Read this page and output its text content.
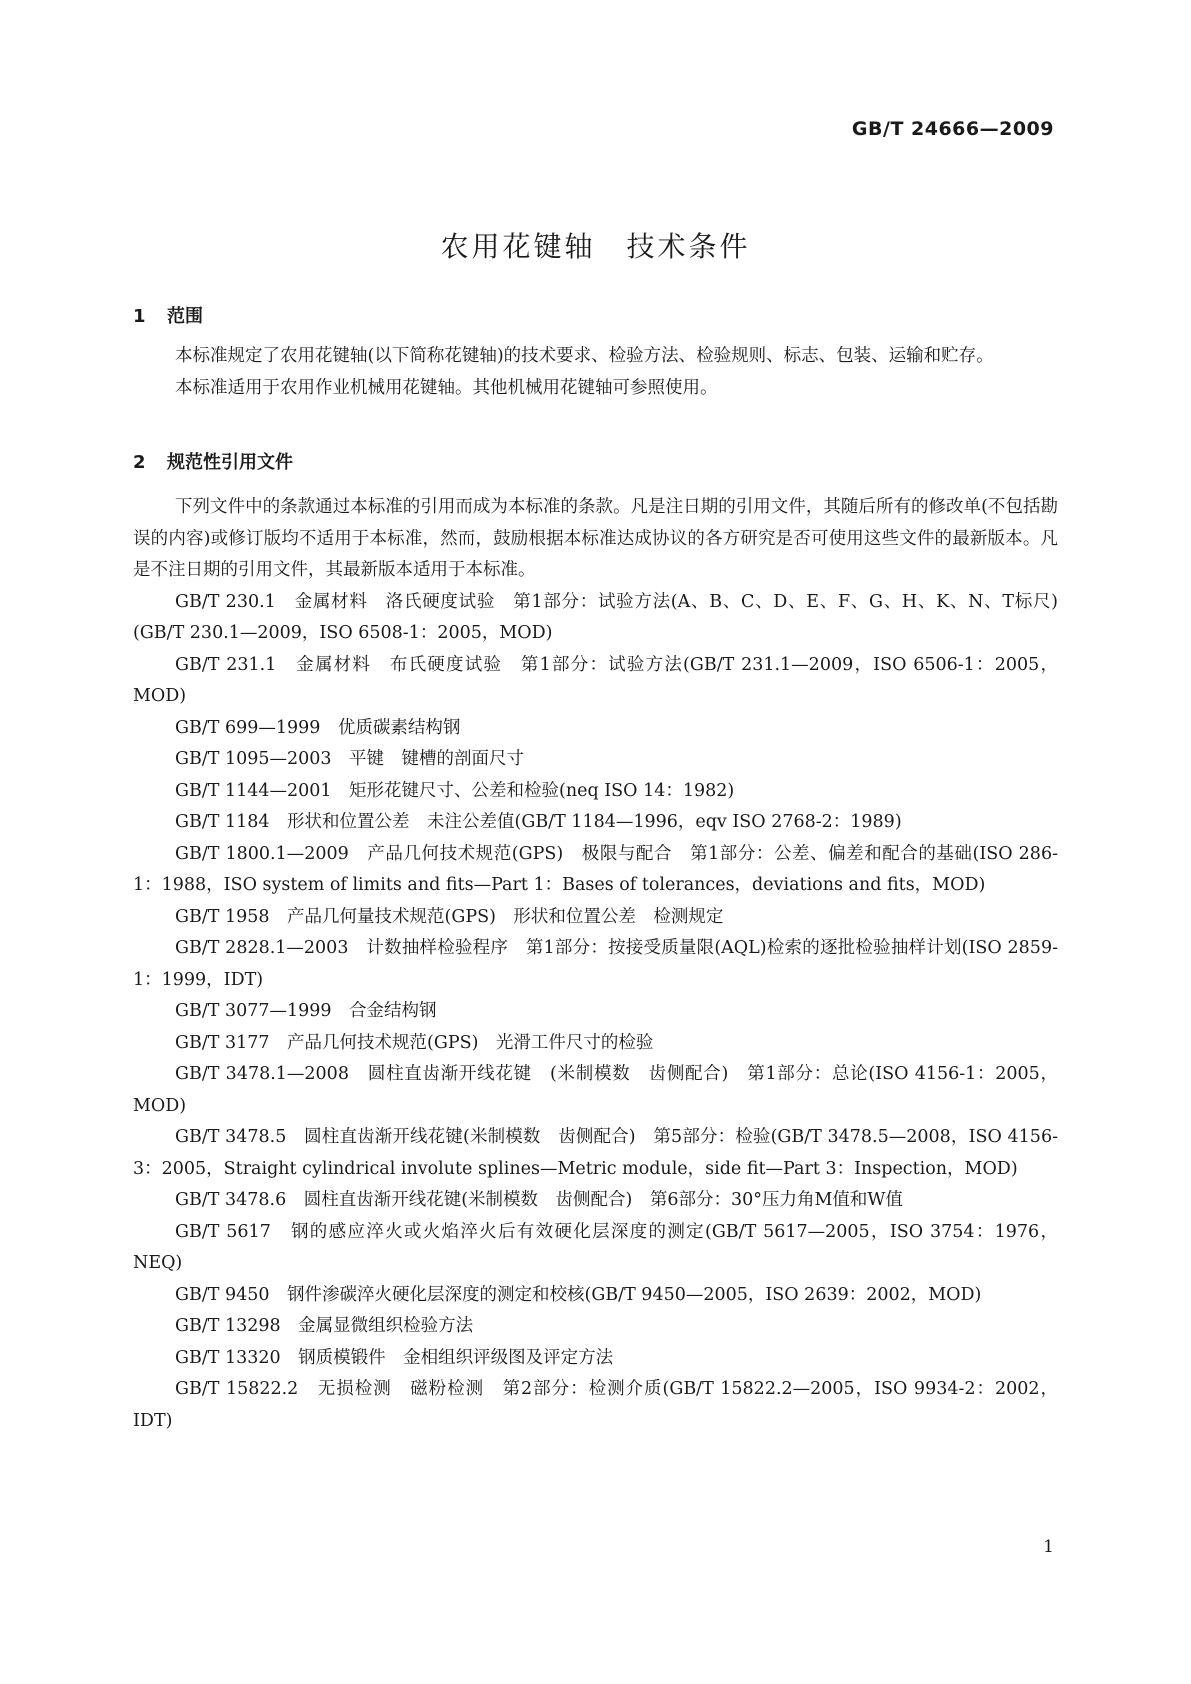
GB/T 24666—2009
农用花键轴　技术条件
1 范围

本标准规定了农用花键轴(以下简称花键轴)的技术要求、检验方法、检验规则、标志、包装、运输和贮存。

本标准适用于农用作业机械用花键轴。其他机械用花键轴可参照使用。

2 规范性引用文件

下列文件中的条款通过本标准的引用而成为本标准的条款。凡是注日期的引用文件，其随后所有的修改单(不包括勘误的内容)或修订版均不适用于本标准，然而，鼓励根据本标准达成协议的各方研究是否可使用这些文件的最新版本。凡是不注日期的引用文件，其最新版本适用于本标准。

GB/T 230.1　金属材料　洛氏硬度试验　第1部分：试验方法(A、B、C、D、E、F、G、H、K、N、T标尺)(GB/T 230.1—2009，ISO 6508-1：2005，MOD)

GB/T 231.1　金属材料　布氏硬度试验　第1部分：试验方法(GB/T 231.1—2009，ISO 6506-1：2005，MOD)

GB/T 699—1999　优质碳素结构钢

GB/T 1095—2003　平键　键槽的剖面尺寸

GB/T 1144—2001　矩形花键尺寸、公差和检验(neq ISO 14：1982)

GB/T 1184　形状和位置公差　未注公差值(GB/T 1184—1996，eqv ISO 2768-2：1989)

GB/T 1800.1—2009　产品几何技术规范(GPS)　极限与配合　第1部分：公差、偏差和配合的基础(ISO 286-1：1988，ISO system of limits and fits—Part 1：Bases of tolerances，deviations and fits，MOD)

GB/T 1958　产品几何量技术规范(GPS)　形状和位置公差　检测规定

GB/T 2828.1—2003　计数抽样检验程序　第1部分：按接受质量限(AQL)检索的逐批检验抽样计划(ISO 2859-1：1999，IDT)

GB/T 3077—1999　合金结构钢

GB/T 3177　产品几何技术规范(GPS)　光滑工件尺寸的检验

GB/T 3478.1—2008　圆柱直齿渐开线花键　(米制模数　齿侧配合)　第1部分：总论(ISO 4156-1：2005，MOD)

GB/T 3478.5　圆柱直齿渐开线花键(米制模数　齿侧配合)　第5部分：检验(GB/T 3478.5—2008，ISO 4156-3：2005，Straight cylindrical involute splines—Metric module，side fit—Part 3：Inspection，MOD)

GB/T 3478.6　圆柱直齿渐开线花键(米制模数　齿侧配合)　第6部分：30°压力角M值和W值

GB/T 5617　钢的感应淬火或火焰淬火后有效硬化层深度的测定(GB/T 5617—2005，ISO 3754：1976，NEQ)

GB/T 9450　钢件渗碳淬火硬化层深度的测定和校核(GB/T 9450—2005，ISO 2639：2002，MOD)

GB/T 13298　金属显微组织检验方法

GB/T 13320　钢质模锻件　金相组织评级图及评定方法

GB/T 15822.2　无损检测　磁粉检测　第2部分：检测介质(GB/T 15822.2—2005，ISO 9934-2：2002，IDT)

1
